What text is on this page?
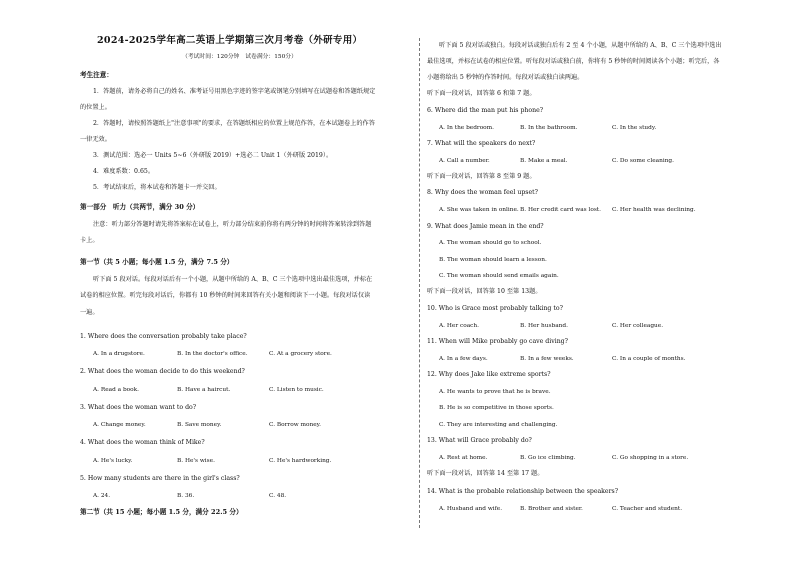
2024-2025学年高二英语上学期第三次月考卷（外研专用）
（考试时间：120分钟　试卷满分：150分）
考生注意：
1．答题前，请务必将自己的姓名、准考证号用黑色字迹的签字笔或钢笔分别填写在试题卷和答题纸规定
的位置上。
2．答题时，请按照答题纸上"注意事项"的要求，在答题纸相应的位置上规范作答，在本试题卷上的作答
一律无效。
3．测试范围：选必一 Units 5~6（外研版 2019）+选必二 Unit 1（外研版 2019）。
4．难度系数：0.65。
5．考试结束后，将本试卷和答题卡一并交回。
第一部分　听力（共两节，满分 30 分）
注意：听力部分答题时请先将答案标在试卷上，听力部分结束前你将有两分钟的时间将答案转涂到答题
卡上。
第一节（共 5 小题；每小题 1.5 分，满分 7.5 分）
听下面 5 段对话。每段对话后有一个小题，从题中所给的 A、B、C 三个选项中选出最佳选项，并标在
试卷的相应位置。听完每段对话后，你都有 10 秒钟的时间来回答有关小题和阅读下一小题。每段对话仅读
一遍。
1. Where does the conversation probably take place?
A. In a drugstore.	B. In the doctor's office.	C. At a grocery store.
2. What does the woman decide to do this weekend?
A. Read a book.	B. Have a haircut.	C. Listen to music.
3. What does the woman want to do?
A. Change money.	B. Save money.	C. Borrow money.
4. What does the woman think of Mike?
A. He's lucky.	B. He's wise.	C. He's hardworking.
5. How many students are there in the girl's class?
A. 24.	B. 36.	C. 48.
第二节（共 15 小题；每小题 1.5 分，满分 22.5 分）
听下面 5 段对话或独白。每段对话或独白后有 2 至 4 个小题，从题中所给的 A、B、C 三个选项中选出
最佳选项，并标在试卷的相应位置。听每段对话或独白前，你将有 5 秒钟的时间阅读各个小题；听完后，各
小题将给出 5 秒钟的作答时间。每段对话或独白读两遍。
听下面一段对话，回答第 6 和第 7 题。
6. Where did the man put his phone?
A. In the bedroom.	B. In the bathroom.	C. In the study.
7. What will the speakers do next?
A. Call a number.	B. Make a meal.	C. Do some cleaning.
听下面一段对话，回答第 8 至第 9 题。
8. Why does the woman feel upset?
A. She was taken in online. B. Her credit card was lost. C. Her health was declining.
9. What does Jamie mean in the end?
A. The woman should go to school.
B. The woman should learn a lesson.
C. The woman should send emails again.
听下面一段对话，回答第 10 至第 13题。
10. Who is Grace most probably talking to?
A. Her coach.	B. Her husband.	C. Her colleague.
11. When will Mike probably go cave diving?
A. In a few days.	B. In a few weeks.	C. In a couple of months.
12. Why does Jake like extreme sports?
A. He wants to prove that he is brave.
B. He is so competitive in those sports.
C. They are interesting and challenging.
13. What will Grace probably do?
A. Rest at home.	B. Go ice climbing.	C. Go shopping in a store.
听下面一段对话，回答第 14 至第 17 题。
14. What is the probable relationship between the speakers?
A. Husband and wife.	B. Brother and sister.	C. Teacher and student.
